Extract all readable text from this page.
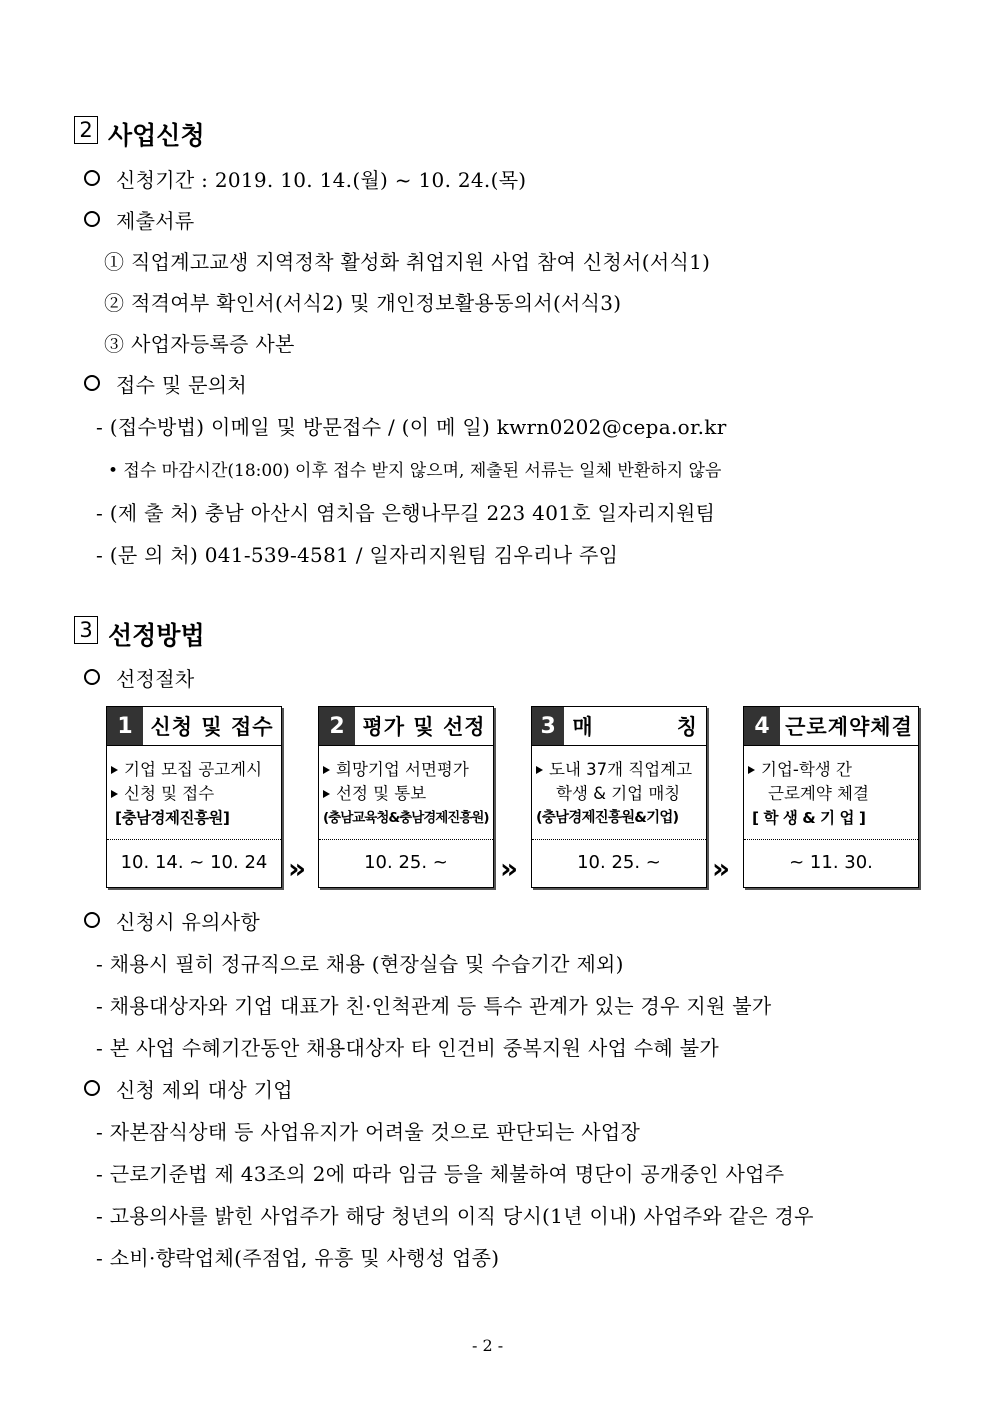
2 사업신청
신청기간 : 2019. 10. 14.(월) ~ 10. 24.(목)
제출서류
① 직업계고교생 지역정착 활성화 취업지원 사업 참여 신청서(서식1)
② 적격여부 확인서(서식2) 및 개인정보활용동의서(서식3)
③ 사업자등록증 사본
접수 및 문의처
- (접수방법) 이메일 및 방문접수 / (이 메 일) kwrn0202@cepa.or.kr
• 접수 마감시간(18:00) 이후 접수 받지 않으며, 제출된 서류는 일체 반환하지 않음
- (제 출 처) 충남 아산시 염치읍 은행나무길 223 401호 일자리지원팀
- (문 의 처) 041-539-4581 / 일자리지원팀 김우리나 주임
3 선정방법
선정절차
1 신청 및 접수
기업 모집 공고게시
신청 및 접수
[충남경제진흥원]
10. 14. ~ 10. 24 »
2 평가 및 선정
희망기업 서면평가
선정 및 통보
(충남교육청&충남경제진흥원)
10. 25. ~	»
3 매          칭
도내 37개 직업계고
학생 & 기업 매칭
(충남경제진흥원&기업)
10. 25. ~	»
4 근로계약체결
기업-학생 간
근로계약 체결
[ 학 생 & 기 업 ]
~ 11. 30.
신청시 유의사항
- 채용시 필히 정규직으로 채용 (현장실습 및 수습기간 제외)
- 채용대상자와 기업 대표가 친·인척관계 등 특수 관계가 있는 경우 지원 불가
- 본 사업 수혜기간동안 채용대상자 타 인건비 중복지원 사업 수혜 불가
신청 제외 대상 기업
- 자본잠식상태 등 사업유지가 어려울 것으로 판단되는 사업장
- 근로기준법 제 43조의 2에 따라 임금 등을 체불하여 명단이 공개중인 사업주
- 고용의사를 밝힌 사업주가 해당 청년의 이직 당시(1년 이내) 사업주와 같은 경우
- 소비·향락업체(주점업, 유흥 및 사행성 업종)
- 2 -
